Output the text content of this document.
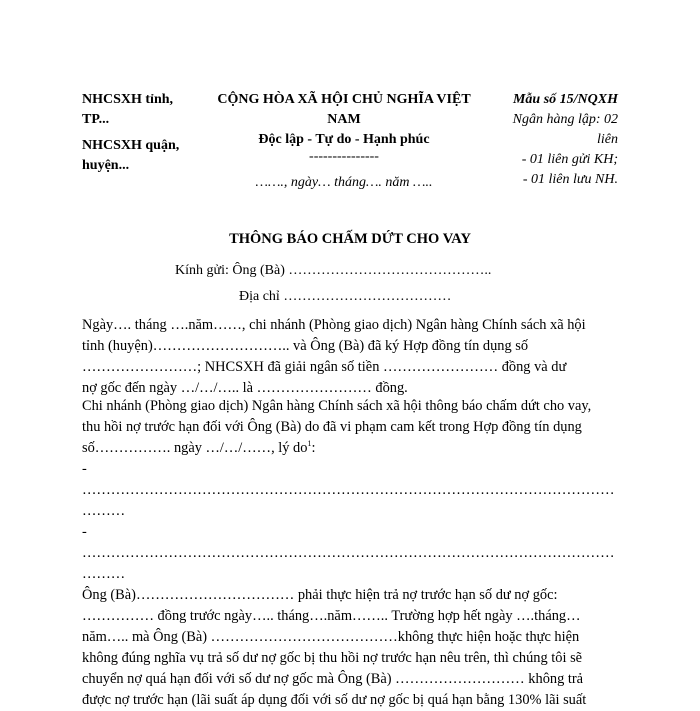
NHCSXH tỉnh,
TP...
NHCSXH quận,
huyện...
CỘNG HÒA XÃ HỘI CHỦ NGHĨA VIỆT
NAM
Độc lập - Tự do - Hạnh phúc
---------------
……., ngày… tháng…. năm …..
Mẫu số 15/NQXH
Ngân hàng lập: 02
liên
- 01 liên gửi KH;
- 01 liên lưu NH.
THÔNG BÁO CHẤM DỨT CHO VAY
Kính gửi: Ông (Bà) ……………………………………..
Địa chỉ ………………………………
Ngày…. tháng ….năm……, chi nhánh (Phòng giao dịch) Ngân hàng Chính sách xã hội
tỉnh (huyện)……………………….. và Ông (Bà) đã ký Hợp đồng tín dụng số
……………………; NHCSXH đã giải ngân số tiền …………………… đồng và dư
nợ gốc đến ngày …/…/….. là …………………… đồng.
Chi nhánh (Phòng giao dịch) Ngân hàng Chính sách xã hội thông báo chấm dứt cho vay,
thu hồi nợ trước hạn đối với Ông (Bà) do đã vi phạm cam kết trong Hợp đồng tín dụng
số……………. ngày …/…/……, lý $do^1$:
-
…………………………………………………………………………………………………
………
-
…………………………………………………………………………………………………
………
Ông (Bà)…………………………… phải thực hiện trả nợ trước hạn số dư nợ gốc:
…………… đồng trước ngày….. tháng….năm…….. Trường hợp hết ngày ….tháng…
năm….. mà Ông (Bà) …………………………………không thực hiện hoặc thực hiện
không đúng nghĩa vụ trả số dư nợ gốc bị thu hồi nợ trước hạn nêu trên, thì chúng tôi sẽ
chuyển nợ quá hạn đối với số dư nợ gốc mà Ông (Bà) ……………………… không trả
được nợ trước hạn (lãi suất áp dụng đối với số dư nợ gốc bị quá hạn bằng 130% lãi suất
